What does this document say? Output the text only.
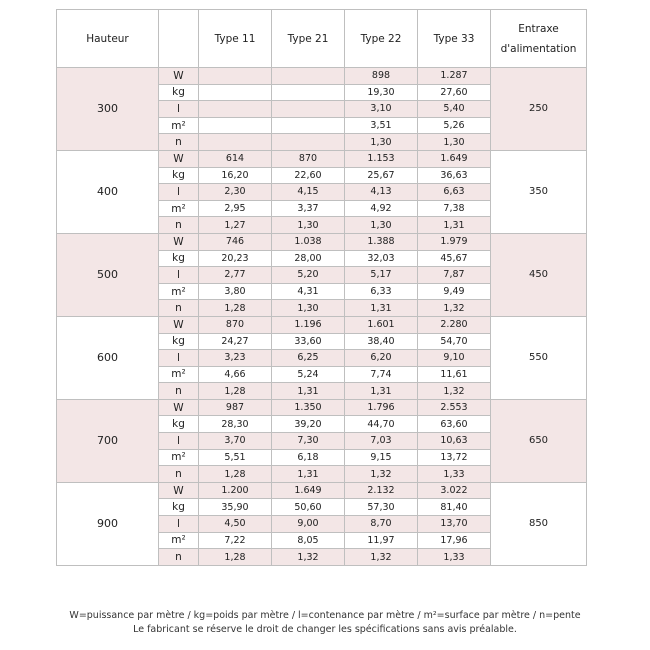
Hauteur		Type 11	Type 21	Type 22	Type 33	Entraxe
d'alimentation
300	W			898	1.287	250
	kg			19,30	27,60	
	l			3,10	5,40	
	m²			3,51	5,26	
	n			1,30	1,30	
400	W	614	870	1.153	1.649	350
	kg	16,20	22,60	25,67	36,63	
	l	2,30	4,15	4,13	6,63	
	m²	2,95	3,37	4,92	7,38	
	n	1,27	1,30	1,30	1,31	
500	W	746	1.038	1.388	1.979	450
	kg	20,23	28,00	32,03	45,67	
	l	2,77	5,20	5,17	7,87	
	m²	3,80	4,31	6,33	9,49	
	n	1,28	1,30	1,31	1,32	
600	W	870	1.196	1.601	2.280	550
	kg	24,27	33,60	38,40	54,70	
	l	3,23	6,25	6,20	9,10	
	m²	4,66	5,24	7,74	11,61	
	n	1,28	1,31	1,31	1,32	
700	W	987	1.350	1.796	2.553	650
	kg	28,30	39,20	44,70	63,60	
	l	3,70	7,30	7,03	10,63	
	m²	5,51	6,18	9,15	13,72	
	n	1,28	1,31	1,32	1,33	
900	W	1.200	1.649	2.132	3.022	850
	kg	35,90	50,60	57,30	81,40	
	l	4,50	9,00	8,70	13,70	
	m²	7,22	8,05	11,97	17,96	
	n	1,28	1,32	1,32	1,33	
W=puissance par mètre / kg=poids par mètre / l=contenance par mètre / m²=surface par mètre / n=pente
Le fabricant se réserve le droit de changer les spécifications sans avis préalable.
